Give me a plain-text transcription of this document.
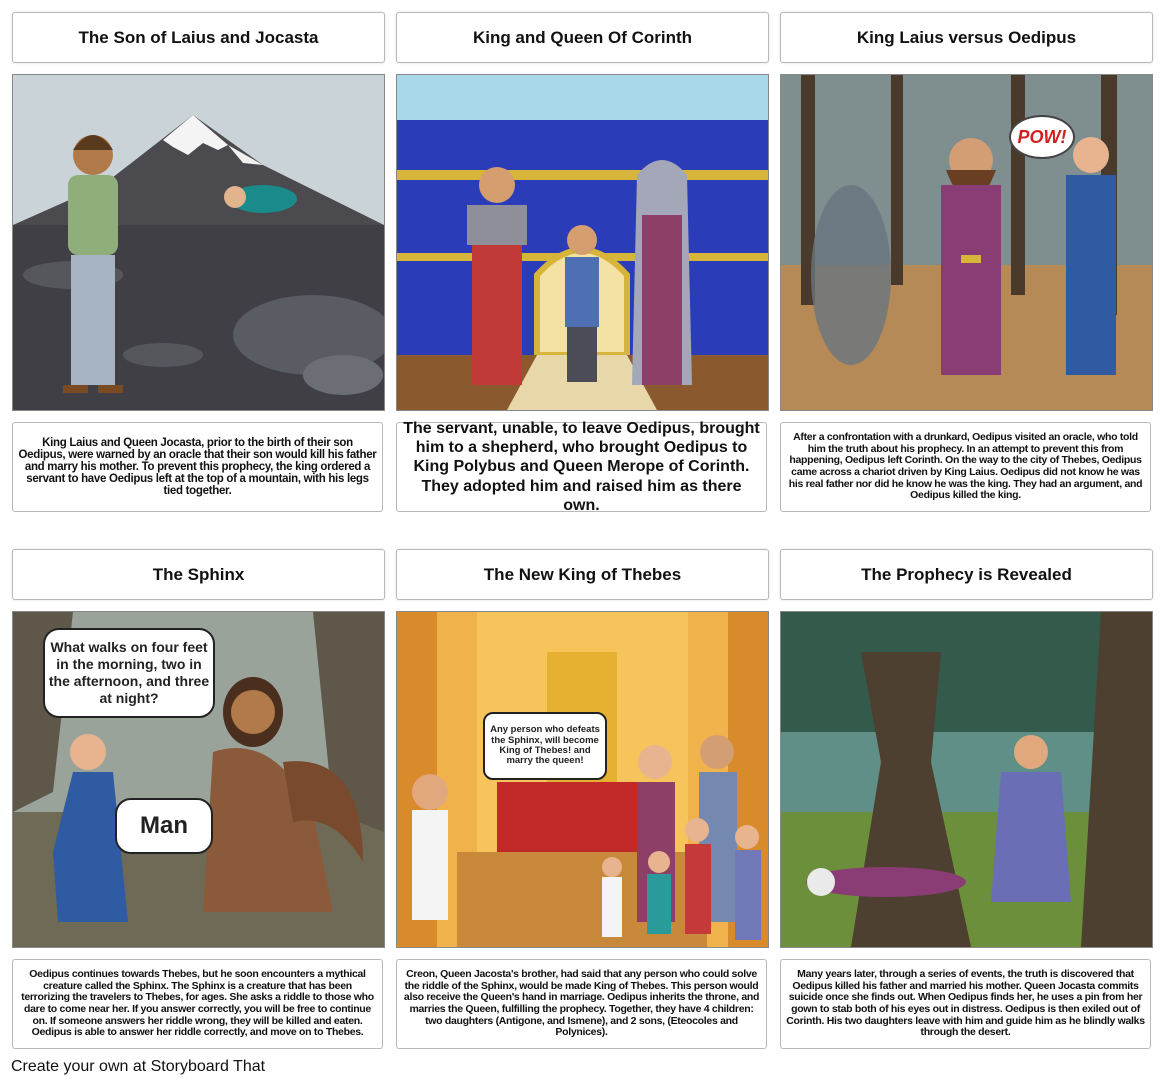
The Son of Laius and Jocasta	King and Queen Of Corinth	King Laius versus Oedipus
King Laius and Queen Jocasta, prior to the birth of their son Oedipus, were warned by an oracle that their son would kill his father and marry his mother. To prevent this prophecy, the king ordered a servant to have Oedipus left at the top of a mountain, with his legs tied together.
The servant, unable, to leave Oedipus, brought him to a shepherd, who brought Oedipus to King Polybus and Queen Merope of Corinth. They adopted him and raised him as there own.
POW!
After a confrontation with a drunkard, Oedipus visited an oracle, who told him the truth about his prophecy. In an attempt to prevent this from happening, Oedipus left Corinth. On the way to the city of Thebes, Oedipus came across a chariot driven by King Laius. Oedipus did not know he was his real father nor did he know he was the king. They had an argument, and Oedipus killed the king.
The Sphinx	The New King of Thebes	The Prophecy is Revealed
What walks on four feet in the morning, two in the afternoon, and three at night?
Man
Oedipus continues towards Thebes, but he soon encounters a mythical creature called the Sphinx. The Sphinx is a creature that has been terrorizing the travelers to Thebes, for ages. She asks a riddle to those who dare to come near her. If you answer correctly, you will be free to continue on. If someone answers her riddle wrong, they will be killed and eaten. Oedipus is able to answer her riddle correctly, and move on to Thebes.
Any person who defeats the Sphinx, will become King of Thebes! and marry the queen!
Creon, Queen Jacosta's brother, had said that any person who could solve the riddle of the Sphinx, would be made King of Thebes. This person would also receive the Queen's hand in marriage. Oedipus inherits the throne, and marries the Queen, fulfilling the prophecy. Together, they have 4 children: two daughters (Antigone, and Ismene), and 2 sons, (Eteocoles and Polynices).
Many years later, through a series of events, the truth is discovered that Oedipus killed his father and married his mother. Queen Jocasta commits suicide once she finds out. When Oedipus finds her, he uses a pin from her gown to stab both of his eyes out in distress. Oedipus is then exiled out of Corinth. His two daughters leave with him and guide him as he blindly walks through the desert.
Create your own at Storyboard That
